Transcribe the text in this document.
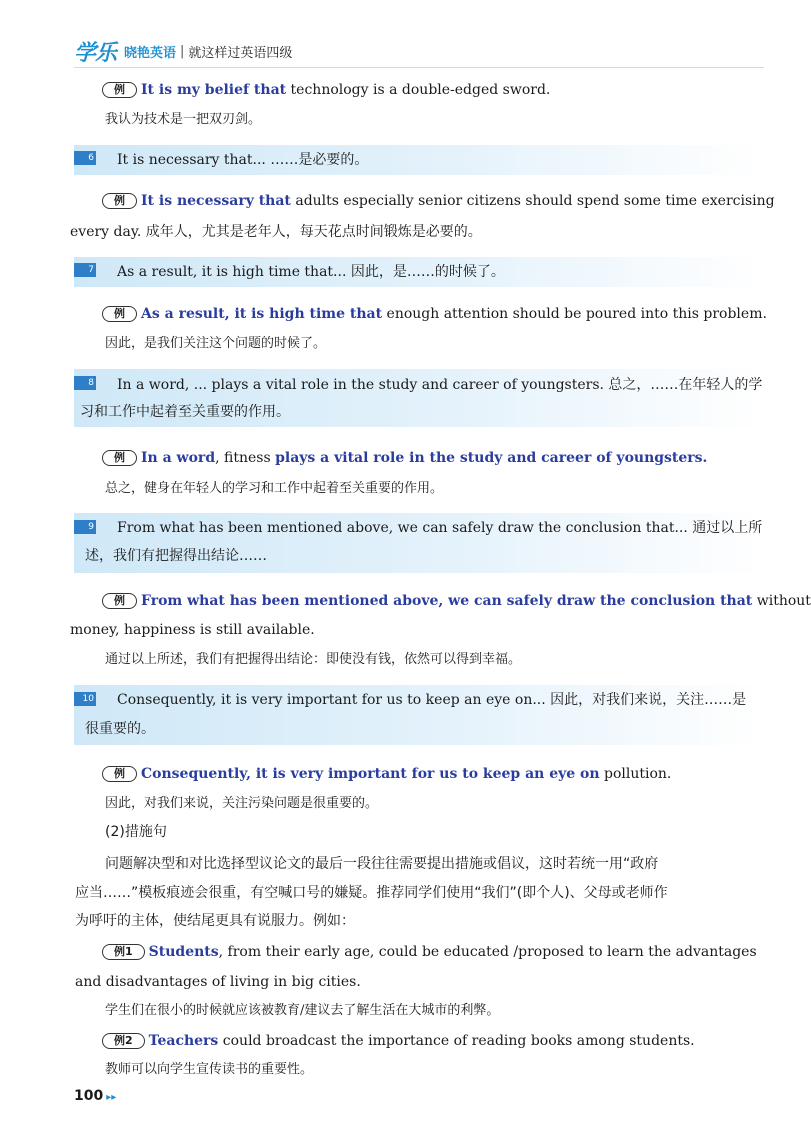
学乐 晓艳英语 | 就这样过英语四级
例 It is my belief that technology is a double-edged sword.
我认为技术是一把双刃剑。
6 It is necessary that... ……是必要的。
例 It is necessary that adults especially senior citizens should spend some time exercising
every day. 成年人，尤其是老年人，每天花点时间锻炼是必要的。
7 As a result, it is high time that... 因此，是……的时候了。
例 As a result, it is high time that enough attention should be poured into this problem.
因此，是我们关注这个问题的时候了。
8 In a word, ... plays a vital role in the study and career of youngsters. 总之，……在年轻人的学
习和工作中起着至关重要的作用。
例 In a word, fitness plays a vital role in the study and career of youngsters.
总之，健身在年轻人的学习和工作中起着至关重要的作用。
9 From what has been mentioned above, we can safely draw the conclusion that... 通过以上所
述，我们有把握得出结论……
例 From what has been mentioned above, we can safely draw the conclusion that without
money, happiness is still available.
通过以上所述，我们有把握得出结论：即使没有钱，依然可以得到幸福。
10 Consequently, it is very important for us to keep an eye on... 因此，对我们来说，关注……是
很重要的。
例 Consequently, it is very important for us to keep an eye on pollution.
因此，对我们来说，关注污染问题是很重要的。
(2)措施句
问题解决型和对比选择型议论文的最后一段往往需要提出措施或倡议，这时若统一用“政府
应当……”模板痕迹会很重，有空喊口号的嫌疑。推荐同学们使用“我们”(即个人)、父母或老师作
为呼吁的主体，使结尾更具有说服力。例如：
例1 Students, from their early age, could be educated /proposed to learn the advantages
and disadvantages of living in big cities.
学生们在很小的时候就应该被教育/建议去了解生活在大城市的利弊。
例2 Teachers could broadcast the importance of reading books among students.
教师可以向学生宣传读书的重要性。
100 ▸▸
